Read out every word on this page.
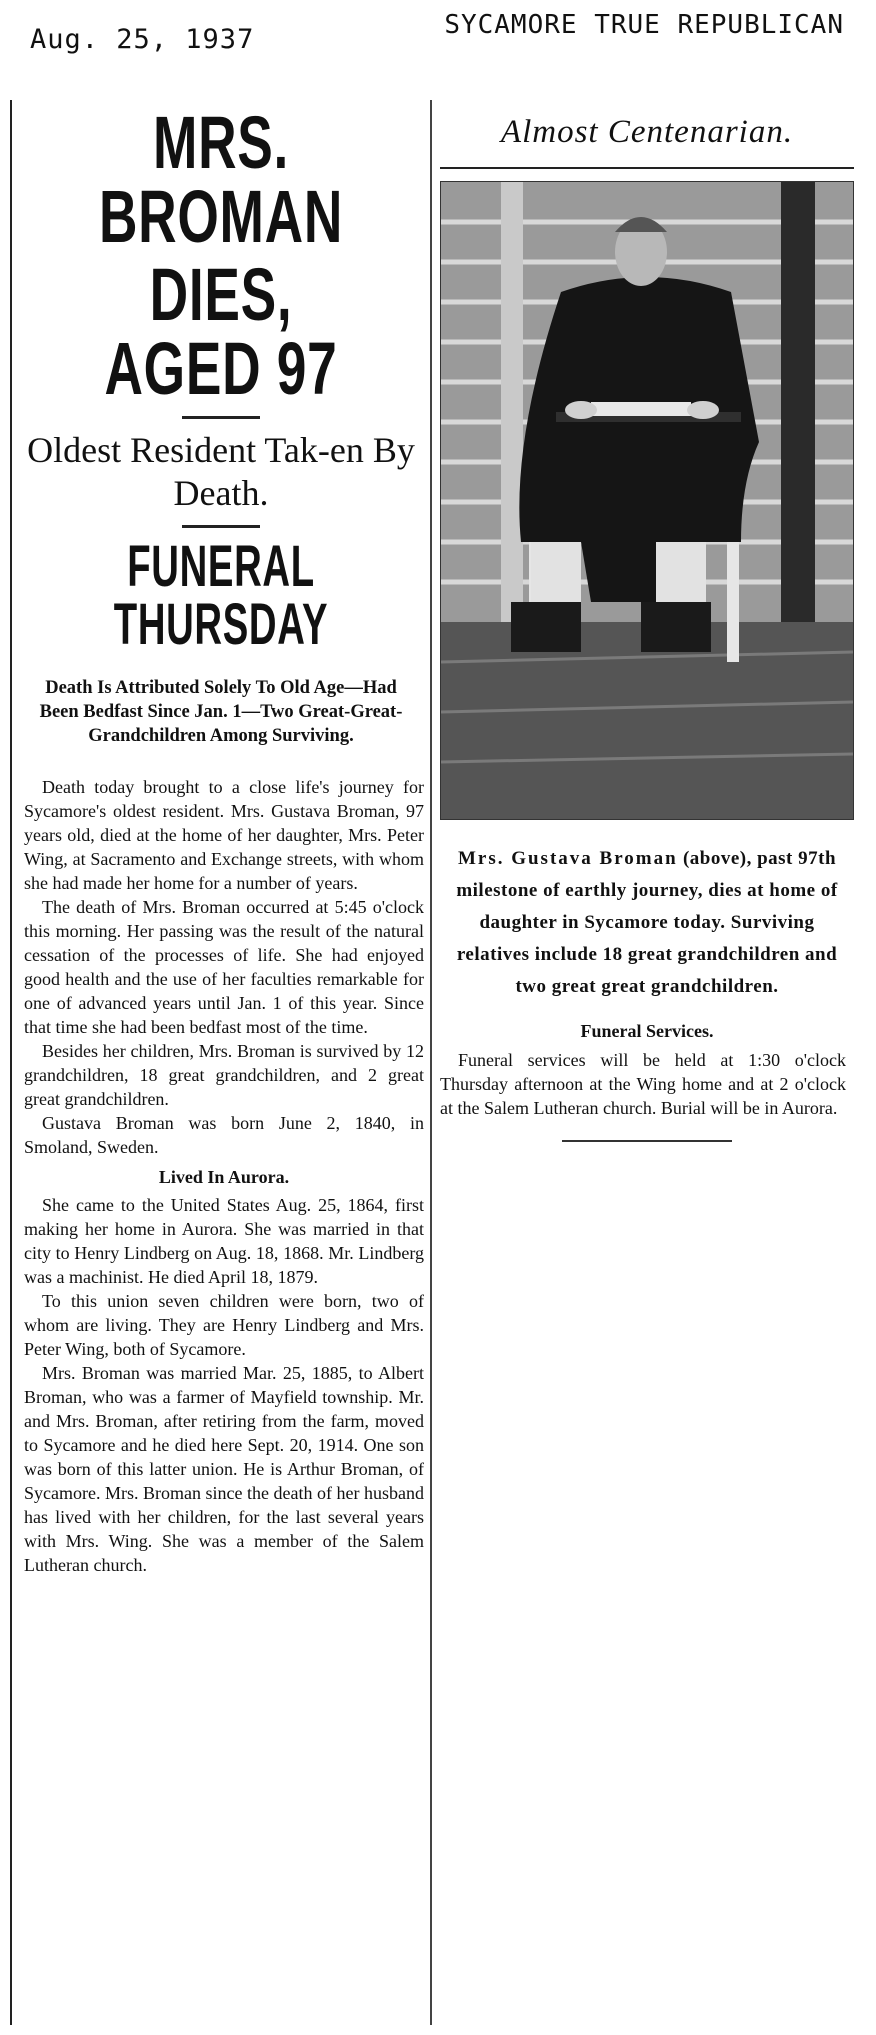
Aug. 25, 1937	SYCAMORE TRUE REPUBLICAN
MRS. BROMAN
DIES, AGED 97
Oldest Resident Tak-en By Death.
FUNERAL THURSDAY
Death Is Attributed Solely To Old Age—Had Been Bedfast Since Jan. 1—Two Great-Great-Grandchildren Among Surviving.

Death today brought to a close life's journey for Sycamore's oldest resident. Mrs. Gustava Broman, 97 years old, died at the home of her daughter, Mrs. Peter Wing, at Sacramento and Exchange streets, with whom she had made her home for a number of years.

The death of Mrs. Broman occurred at 5:45 o'clock this morning. Her passing was the result of the natural cessation of the processes of life. She had enjoyed good health and the use of her faculties remarkable for one of advanced years until Jan. 1 of this year. Since that time she had been bedfast most of the time.

Besides her children, Mrs. Broman is survived by 12 grandchildren, 18 great grandchildren, and 2 great great grandchildren.

Gustava Broman was born June 2, 1840, in Smoland, Sweden.

Lived In Aurora.

She came to the United States Aug. 25, 1864, first making her home in Aurora. She was married in that city to Henry Lindberg on Aug. 18, 1868. Mr. Lindberg was a machinist. He died April 18, 1879.

To this union seven children were born, two of whom are living. They are Henry Lindberg and Mrs. Peter Wing, both of Sycamore.

Mrs. Broman was married Mar. 25, 1885, to Albert Broman, who was a farmer of Mayfield township. Mr. and Mrs. Broman, after retiring from the farm, moved to Sycamore and he died here Sept. 20, 1914. One son was born of this latter union. He is Arthur Broman, of Sycamore. Mrs. Broman since the death of her husband has lived with her children, for the last several years with Mrs. Wing. She was a member of the Salem Lutheran church.

Almost Centenarian.
Mrs. Gustava Broman (above), past 97th milestone of earthly journey, dies at home of daughter in Sycamore today. Surviving relatives include 18 great grandchildren and two great great grandchildren.
Funeral Services.

Funeral services will be held at 1:30 o'clock Thursday afternoon at the Wing home and at 2 o'clock at the Salem Lutheran church. Burial will be in Aurora.
